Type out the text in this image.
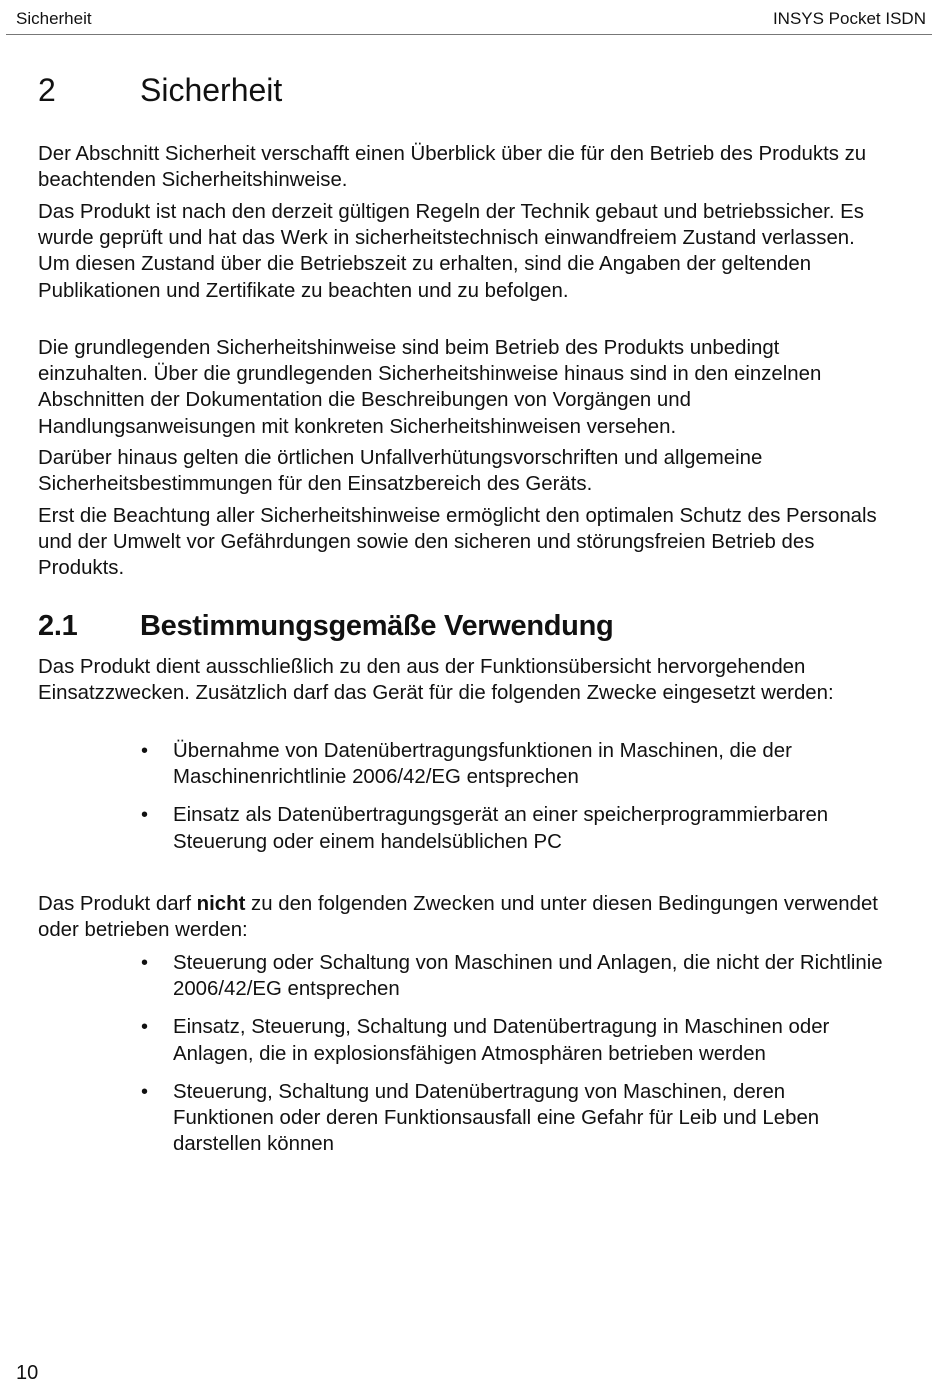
Sicherheit	INSYS Pocket ISDN
2	Sicherheit

Der Abschnitt Sicherheit verschafft einen Überblick über die für den Betrieb des Produkts zu beachtenden Sicherheitshinweise.

Das Produkt ist nach den derzeit gültigen Regeln der Technik gebaut und betriebssicher. Es wurde geprüft und hat das Werk in sicherheitstechnisch einwandfreiem Zustand verlassen. Um diesen Zustand über die Betriebszeit zu erhalten, sind die Angaben der geltenden Publikationen und Zertifikate zu beachten und zu befolgen.

Die grundlegenden Sicherheitshinweise sind beim Betrieb des Produkts unbedingt einzuhalten. Über die grundlegenden Sicherheitshinweise hinaus sind in den einzelnen Abschnitten der Dokumentation die Beschreibungen von Vorgängen und Handlungsanweisungen mit konkreten Sicherheitshinweisen versehen.

Darüber hinaus gelten die örtlichen Unfallverhütungsvorschriften und allgemeine Sicherheitsbestimmungen für den Einsatzbereich des Geräts.

Erst die Beachtung aller Sicherheitshinweise ermöglicht den optimalen Schutz des Personals und der Umwelt vor Gefährdungen sowie den sicheren und störungsfreien Betrieb des Produkts.

2.1 Bestimmungsgemäße Verwendung

Das Produkt dient ausschließlich zu den aus der Funktionsübersicht hervorgehenden Einsatzzwecken. Zusätzlich darf das Gerät für die folgenden Zwecke eingesetzt werden:

• Übernahme von Datenübertragungsfunktionen in Maschinen, die der Maschinenrichtlinie 2006/42/EG entsprechen
• Einsatz als Datenübertragungsgerät an einer speicherprogrammierbaren Steuerung oder einem handelsüblichen PC

Das Produkt darf nicht zu den folgenden Zwecken und unter diesen Bedingungen verwendet oder betrieben werden:

• Steuerung oder Schaltung von Maschinen und Anlagen, die nicht der Richtlinie 2006/42/EG entsprechen
• Einsatz, Steuerung, Schaltung und Datenübertragung in Maschinen oder Anlagen, die in explosionsfähigen Atmosphären betrieben werden
• Steuerung, Schaltung und Datenübertragung von Maschinen, deren Funktionen oder deren Funktionsausfall eine Gefahr für Leib und Leben darstellen können
10
